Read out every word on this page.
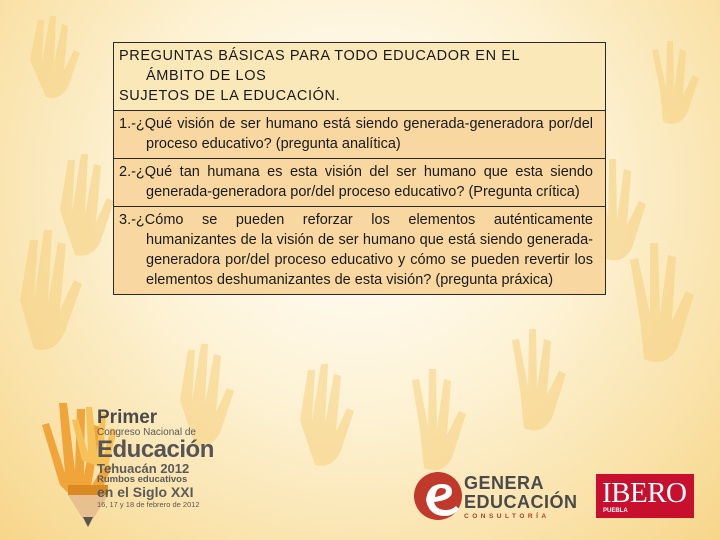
PREGUNTAS BÁSICAS PARA TODO EDUCADOR EN EL
ÁMBITO DE LOS
SUJETOS DE LA EDUCACIÓN.
1.-¿Qué visión de ser humano está siendo generada-generadora por/del proceso educativo? (pregunta analítica)
2.-¿Qué tan humana es esta visión del ser humano que esta siendo generada-generadora por/del proceso educativo? (Pregunta crítica)
3.-¿Cómo se pueden reforzar los elementos auténticamente humanizantes de la visión de ser humano que está siendo generada-generadora por/del proceso educativo y cómo se pueden revertir los elementos deshumanizantes de esta visión? (pregunta práxica)
Primer
Congreso Nacional de
Educación
Tehuacán 2012
Rumbos educativos
en el Siglo XXI
16, 17 y 18 de febrero de 2012
GENERA
EDUCACIÓN
CONSULTORÍA
IBERO
PUEBLA
